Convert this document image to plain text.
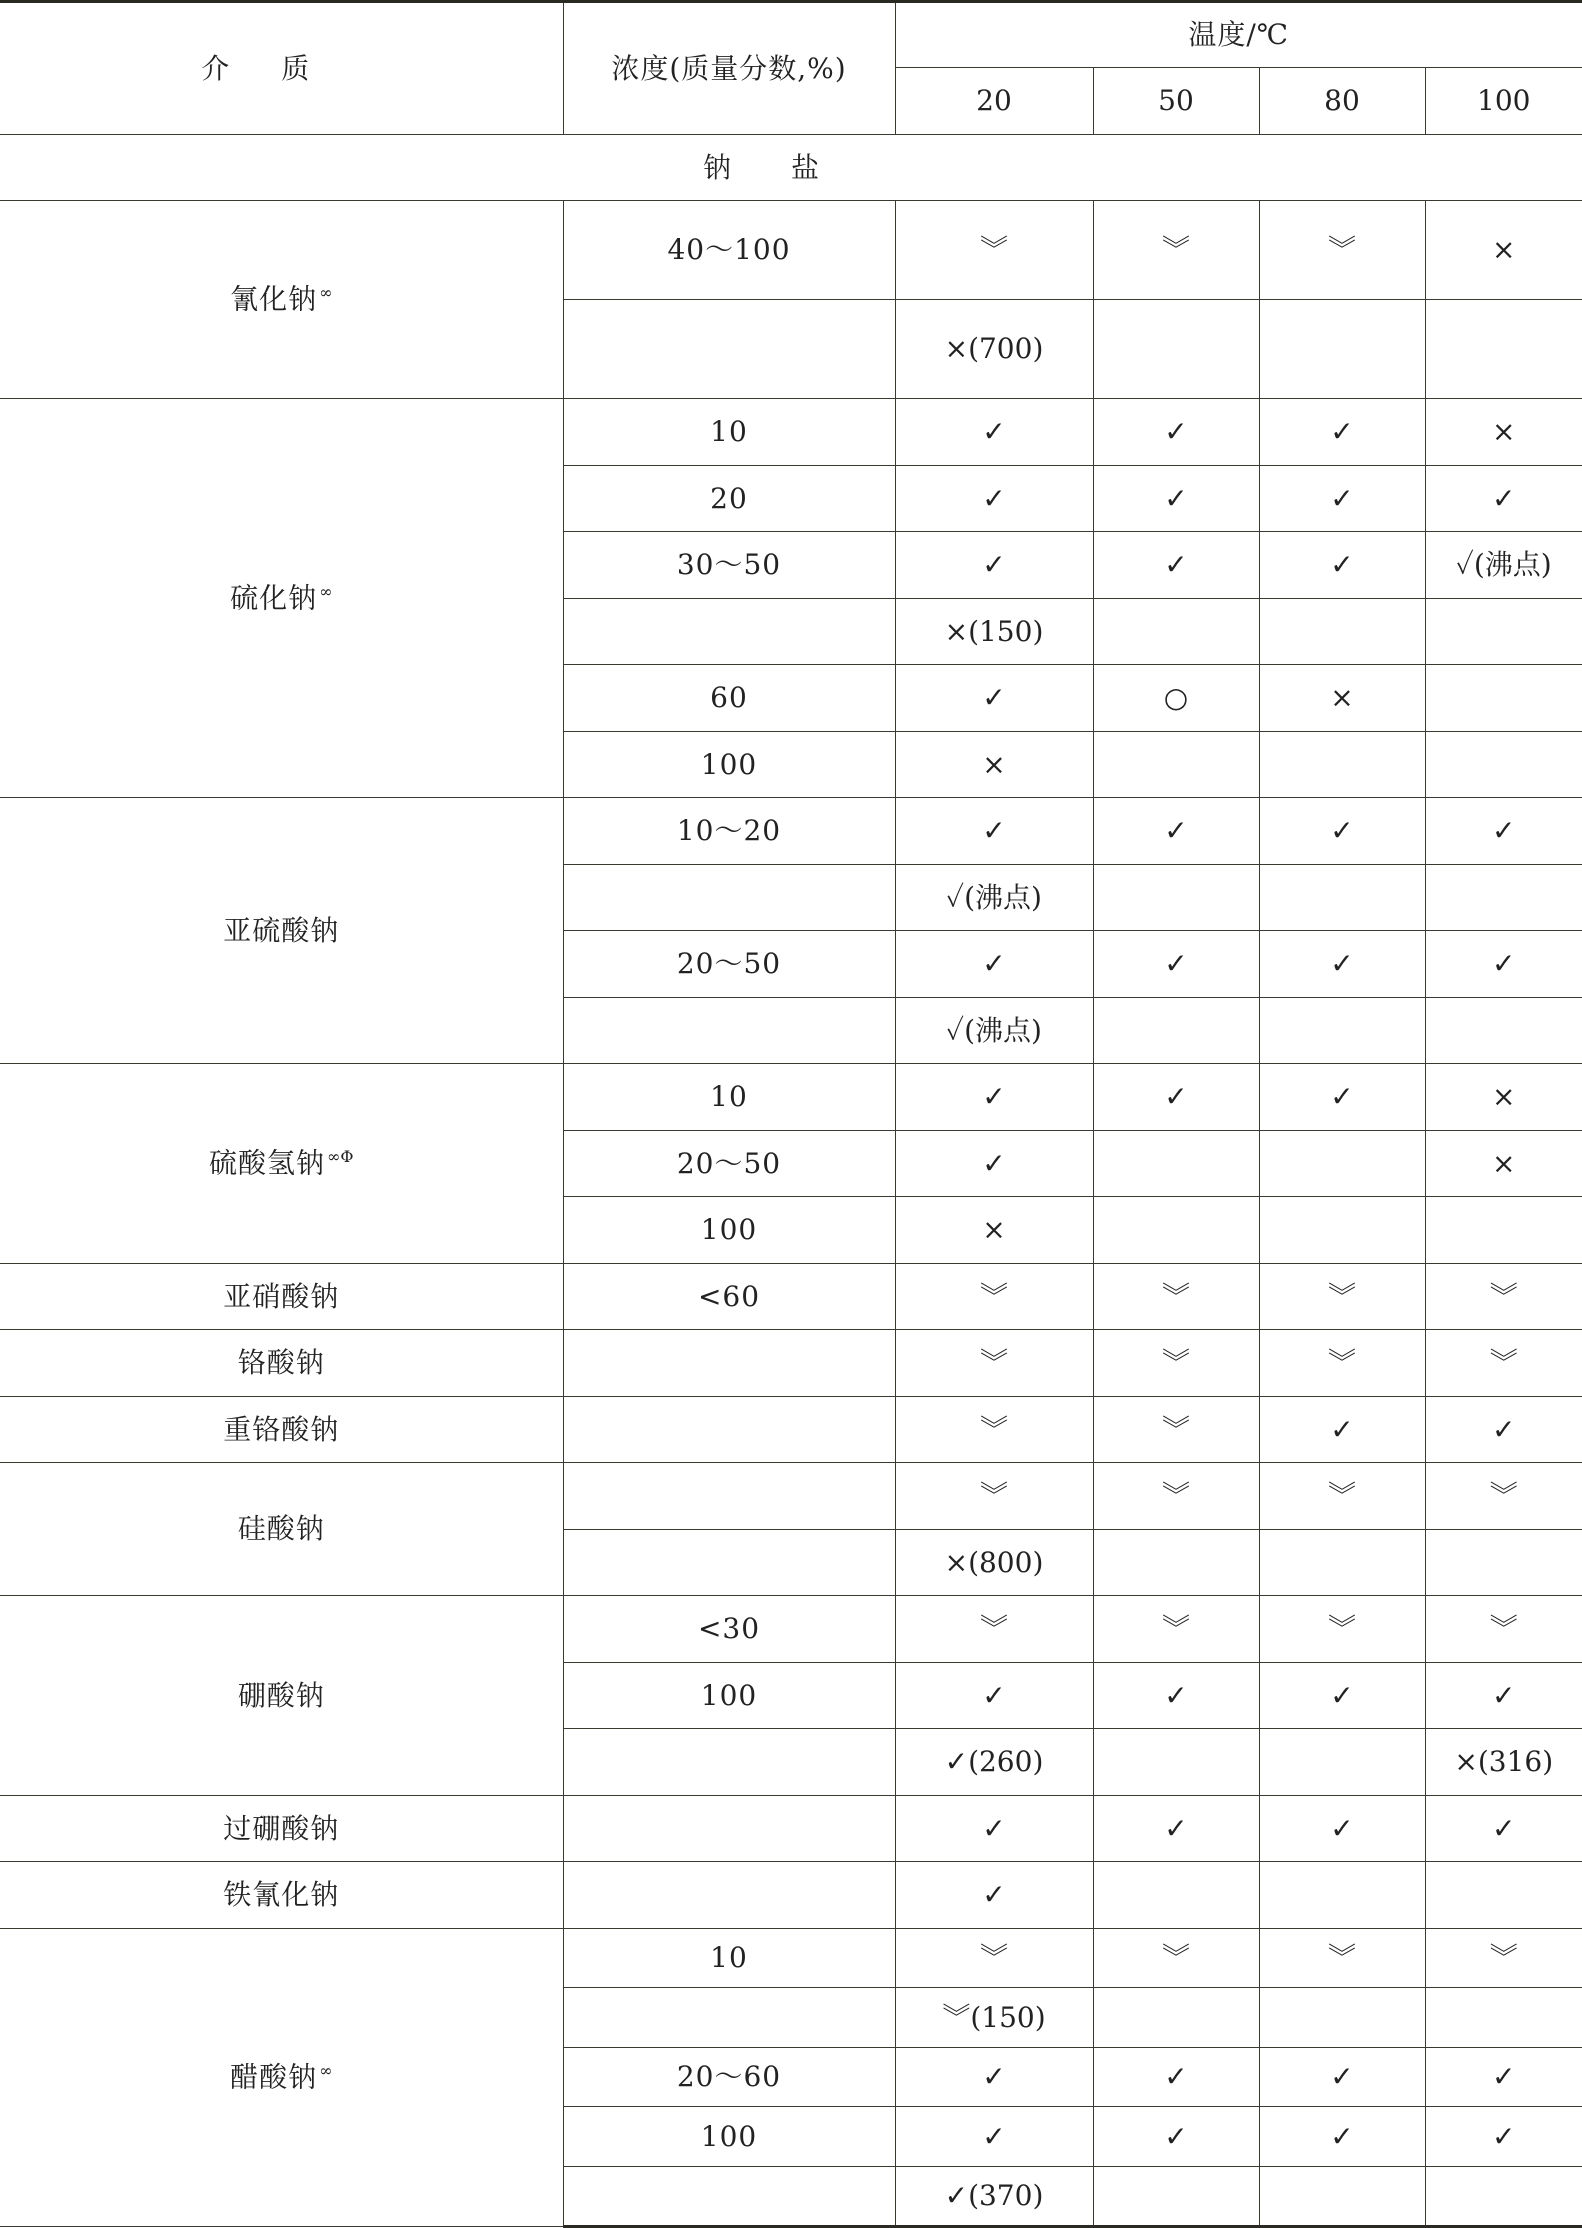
介质	浓度(质量分数,%)	温度/℃			
		20	50	80	100
钠盐					
氰化钠 ∞	40～100	︾	︾	︾	×
		×(700)			
硫化钠 ∞	10	✓	✓	✓	×
	20	✓	✓	✓	✓
	30～50	✓	✓	✓	✓(沸点)
		×(150)			
	60	✓	○	×	
	100	×			
亚硫酸钠	10～20	✓	✓	✓	✓
		✓(沸点)			
	20～50	✓	✓	✓	✓
		✓(沸点)			
硫酸氢钠 $^{\infty\Phi}$	10	✓	✓	✓	×
	20～50	✓			×
	100	×			
亚硝酸钠	<60	︾	︾	︾	︾
铬酸钠		︾	︾	︾	︾
重铬酸钠		︾	︾	✓	✓
硅酸钠		︾	︾	︾	︾
		×(800)			
硼酸钠	<30	︾	︾	︾	︾
	100	✓	✓	✓	✓
		✓(260)			×(316)
过硼酸钠		✓	✓	✓	✓
铁氰化钠		✓			
醋酸钠 ∞	10	︾	︾	︾	︾
		︾(150)			
	20～60	✓	✓	✓	✓
	100	✓	✓	✓	✓
		✓(370)			
